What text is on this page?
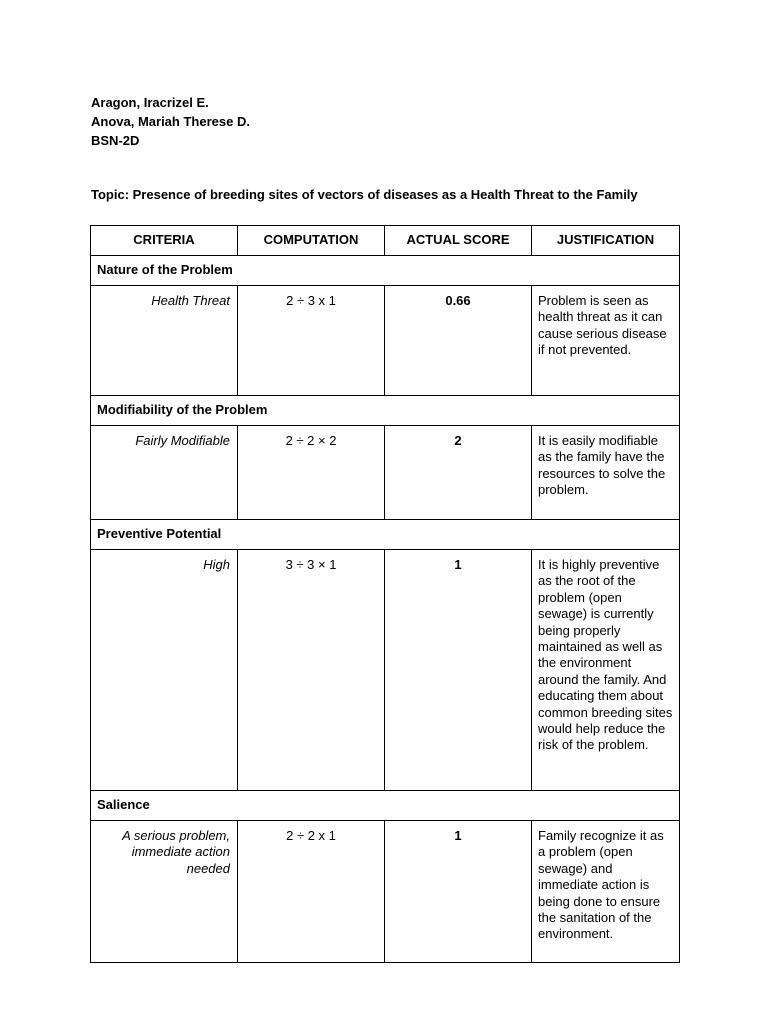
Aragon, Iracrizel E.
Anova, Mariah Therese D.
BSN-2D
Topic: Presence of breeding sites of vectors of diseases as a Health Threat to the Family
CRITERIA	COMPUTATION	ACTUAL SCORE	JUSTIFICATION
Nature of the Problem			
Health Threat	2 ÷ 3 x 1	0.66	Problem is seen as health threat as it can cause serious disease if not prevented.
Modifiability of the Problem			
Fairly Modifiable	2 ÷ 2 × 2	2	It is easily modifiable as the family have the resources to solve the problem.
Preventive Potential			
High	3 ÷ 3 × 1	1	It is highly preventive as the root of the problem (open sewage) is currently being properly maintained as well as the environment around the family. And educating them about common breeding sites would help reduce the risk of the problem.
Salience			
A serious problem, immediate action needed	2 ÷ 2 x 1	1	Family recognize it as a problem (open sewage) and immediate action is being done to ensure the sanitation of the environment.
